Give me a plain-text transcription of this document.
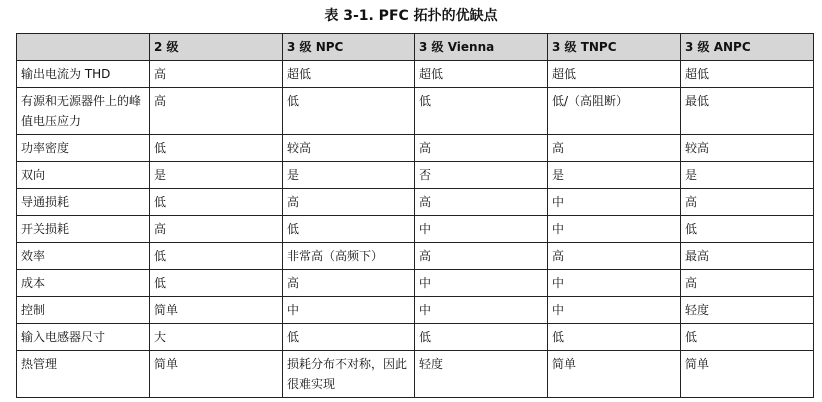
表 3-1. PFC 拓扑的优缺点
	2 级	3 级 NPC	3 级 Vienna	3 级 TNPC	3 级 ANPC
输出电流为 THD	高	超低	超低	超低	超低
有源和无源器件上的峰值电压应力	高	低	低	低/（高阻断）	最低
功率密度	低	较高	高	高	较高
双向	是	是	否	是	是
导通损耗	低	高	高	中	高
开关损耗	高	低	中	中	低
效率	低	非常高（高频下）	高	高	最高
成本	低	高	中	中	高
控制	简单	中	中	中	轻度
输入电感器尺寸	大	低	低	低	低
热管理	简单	损耗分布不对称，因此很难实现	轻度	简单	简单
